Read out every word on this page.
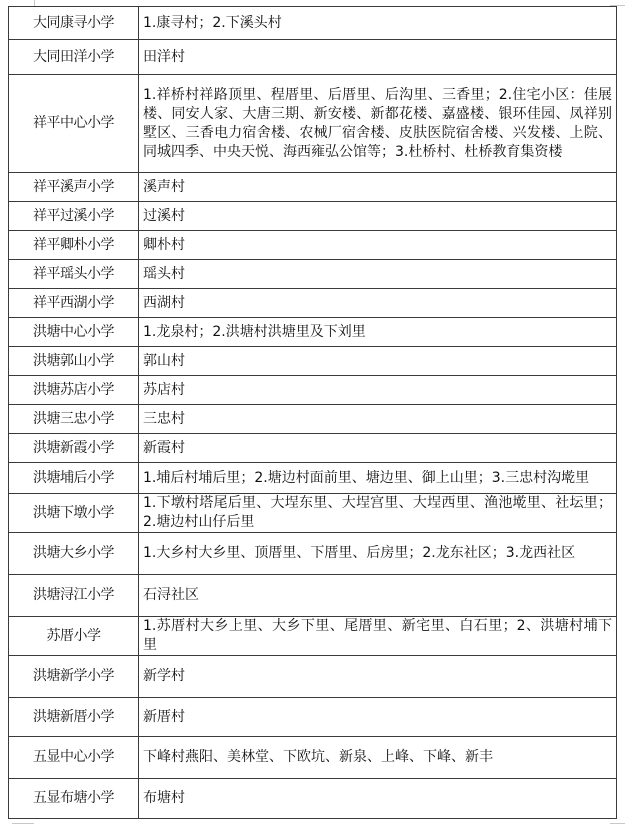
大同康寻小学	1.康寻村；2.下溪头村
大同田洋小学	田洋村
祥平中心小学	1.祥桥村祥路顶里、程厝里、后厝里、后沟里、三香里；2.住宅小区：佳展楼、同安人家、大唐三期、新安楼、新都花楼、嘉盛楼、银环佳园、凤祥别墅区、三香电力宿舍楼、农械厂宿舍楼、皮肤医院宿舍楼、兴发楼、上院、同城四季、中央天悦、海西雍弘公馆等；3.杜桥村、杜桥教育集资楼
祥平溪声小学	溪声村
祥平过溪小学	过溪村
祥平卿朴小学	卿朴村
祥平瑶头小学	瑶头村
祥平西湖小学	西湖村
洪塘中心小学	1.龙泉村；2.洪塘村洪塘里及下刘里
洪塘郭山小学	郭山村
洪塘苏店小学	苏店村
洪塘三忠小学	三忠村
洪塘新霞小学	新霞村
洪塘埔后小学	1.埔后村埔后里；2.塘边村面前里、塘边里、御上山里；3.三忠村沟墘里
洪塘下墩小学	1.下墩村塔尾后里、大埕东里、大埕宫里、大埕西里、渔池墘里、社坛里；2.塘边村山仔后里
洪塘大乡小学	1.大乡村大乡里、顶厝里、下厝里、后房里；2.龙东社区；3.龙西社区
洪塘浔江小学	石浔社区
苏厝小学	1.苏厝村大乡上里、大乡下里、尾厝里、新宅里、白石里；2、洪塘村埔下里
洪塘新学小学	新学村
洪塘新厝小学	新厝村
五显中心小学	下峰村燕阳、美林堂、下欧坑、新泉、上峰、下峰、新丰
五显布塘小学	布塘村
